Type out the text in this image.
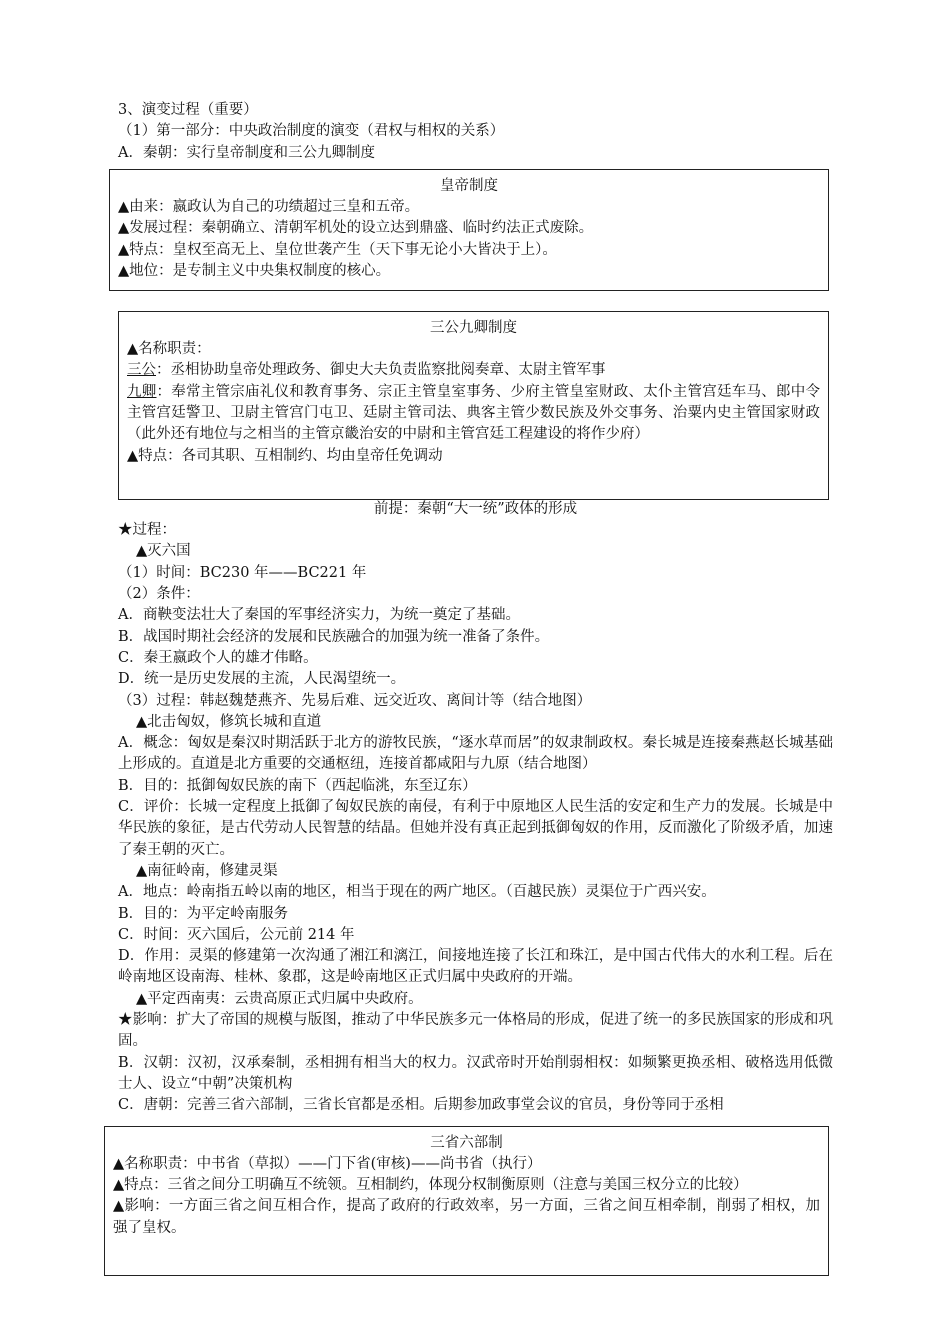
3、演变过程（重要）
（1）第一部分：中央政治制度的演变（君权与相权的关系）
A．秦朝：实行皇帝制度和三公九卿制度
皇帝制度
▲由来：嬴政认为自己的功绩超过三皇和五帝。
▲发展过程：秦朝确立、清朝军机处的设立达到鼎盛、临时约法正式废除。
▲特点：皇权至高无上、皇位世袭产生（天下事无论小大皆决于上）。
▲地位：是专制主义中央集权制度的核心。
三公九卿制度
▲名称职责：
三公：丞相协助皇帝处理政务、御史大夫负责监察批阅奏章、太尉主管军事
九卿：奉常主管宗庙礼仪和教育事务、宗正主管皇室事务、少府主管皇室财政、太仆主管宫廷车马、郎中令主管宫廷警卫、卫尉主管宫门屯卫、廷尉主管司法、典客主管少数民族及外交事务、治粟内史主管国家财政（此外还有地位与之相当的主管京畿治安的中尉和主管宫廷工程建设的将作少府）
▲特点：各司其职、互相制约、均由皇帝任免调动
前提：秦朝“大一统”政体的形成
★过程：
▲灭六国
（1）时间：BC230 年——BC221 年
（2）条件：
A．商鞅变法壮大了秦国的军事经济实力，为统一奠定了基础。
B．战国时期社会经济的发展和民族融合的加强为统一准备了条件。
C．秦王嬴政个人的雄才伟略。
D．统一是历史发展的主流，人民渴望统一。
（3）过程：韩赵魏楚燕齐、先易后难、远交近攻、离间计等（结合地图）
▲北击匈奴，修筑长城和直道
A．概念：匈奴是秦汉时期活跃于北方的游牧民族，“逐水草而居”的奴隶制政权。秦长城是连接秦燕赵长城基础上形成的。直道是北方重要的交通枢纽，连接首都咸阳与九原（结合地图）
B．目的：抵御匈奴民族的南下（西起临洮，东至辽东）
C．评价：长城一定程度上抵御了匈奴民族的南侵，有利于中原地区人民生活的安定和生产力的发展。长城是中华民族的象征，是古代劳动人民智慧的结晶。但她并没有真正起到抵御匈奴的作用，反而激化了阶级矛盾，加速了秦王朝的灭亡。
▲南征岭南，修建灵渠
A．地点：岭南指五岭以南的地区，相当于现在的两广地区。（百越民族）灵渠位于广西兴安。
B．目的：为平定岭南服务
C．时间：灭六国后，公元前 214 年
D．作用：灵渠的修建第一次沟通了湘江和漓江，间接地连接了长江和珠江，是中国古代伟大的水利工程。后在岭南地区设南海、桂林、象郡，这是岭南地区正式归属中央政府的开端。
▲平定西南夷：云贵高原正式归属中央政府。
★影响：扩大了帝国的规模与版图，推动了中华民族多元一体格局的形成，促进了统一的多民族国家的形成和巩固。
B．汉朝：汉初，汉承秦制，丞相拥有相当大的权力。汉武帝时开始削弱相权：如频繁更换丞相、破格选用低微士人、设立“中朝”决策机构
C．唐朝：完善三省六部制，三省长官都是丞相。后期参加政事堂会议的官员，身份等同于丞相
三省六部制
▲名称职责：中书省（草拟）——门下省(审核)——尚书省（执行）
▲特点：三省之间分工明确互不统领。互相制约，体现分权制衡原则（注意与美国三权分立的比较）
▲影响：一方面三省之间互相合作，提高了政府的行政效率，另一方面，三省之间互相牵制，削弱了相权，加强了皇权。
